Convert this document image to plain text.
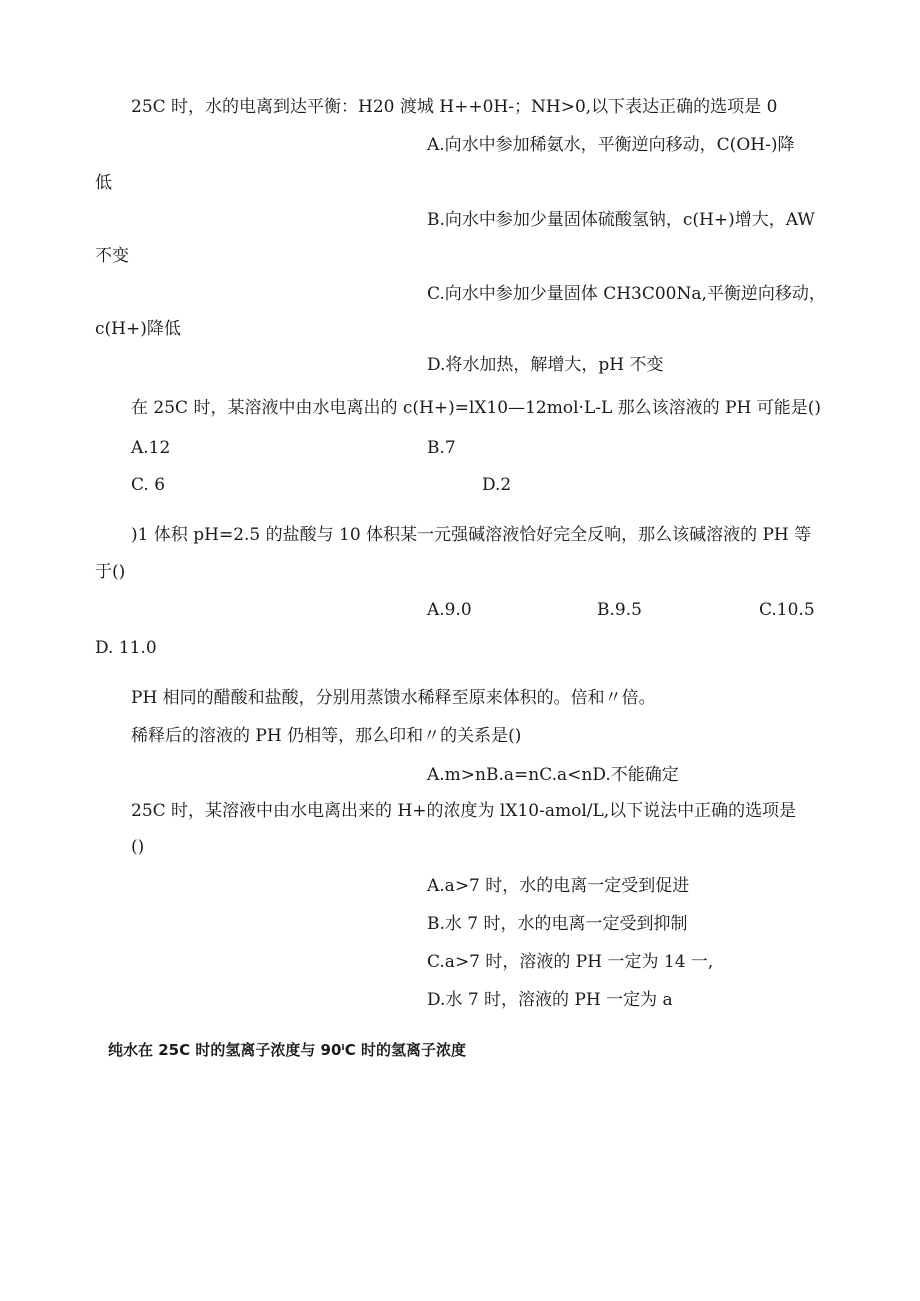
25C 时，水的电离到达平衡：H20 渡城 H++0H-；NH>0,以下表达正确的选项是 0
A.向水中参加稀氨水，平衡逆向移动，C(OH-)降
低
B.向水中参加少量固体硫酸氢钠，c(H+)增大，AW
不变
C.向水中参加少量固体 CH3C00Na,平衡逆向移动，
c(H+)降低
D.将水加热，解增大，pH 不变
在 25C 时，某溶液中由水电离出的 c(H+)=lX10—12mol·L-L 那么该溶液的 PH 可能是()
A.12	B.7
C. 6	D.2
)1 体积 pH=2.5 的盐酸与 10 体积某一元强碱溶液恰好完全反响，那么该碱溶液的 PH 等
于()
A.9.0	B.9.5	C.10.5
D. 11.0
PH 相同的醋酸和盐酸，分别用蒸馈水稀释至原来体积的。倍和〃倍。
稀释后的溶液的 PH 仍相等，那么印和〃的关系是()
A.m>nB.a=nC.a<nD.不能确定
25C 时，某溶液中由水电离出来的 H+的浓度为 lX10-amol/L,以下说法中正确的选项是
()
A.a>7 时，水的电离一定受到促进
B.水 7 时，水的电离一定受到抑制
C.a>7 时，溶液的 PH 一定为 14 一,
D.水 7 时，溶液的 PH 一定为 a
纯水在 25C 时的氢离子浓度与 90ⁱC 时的氢离子浓度
